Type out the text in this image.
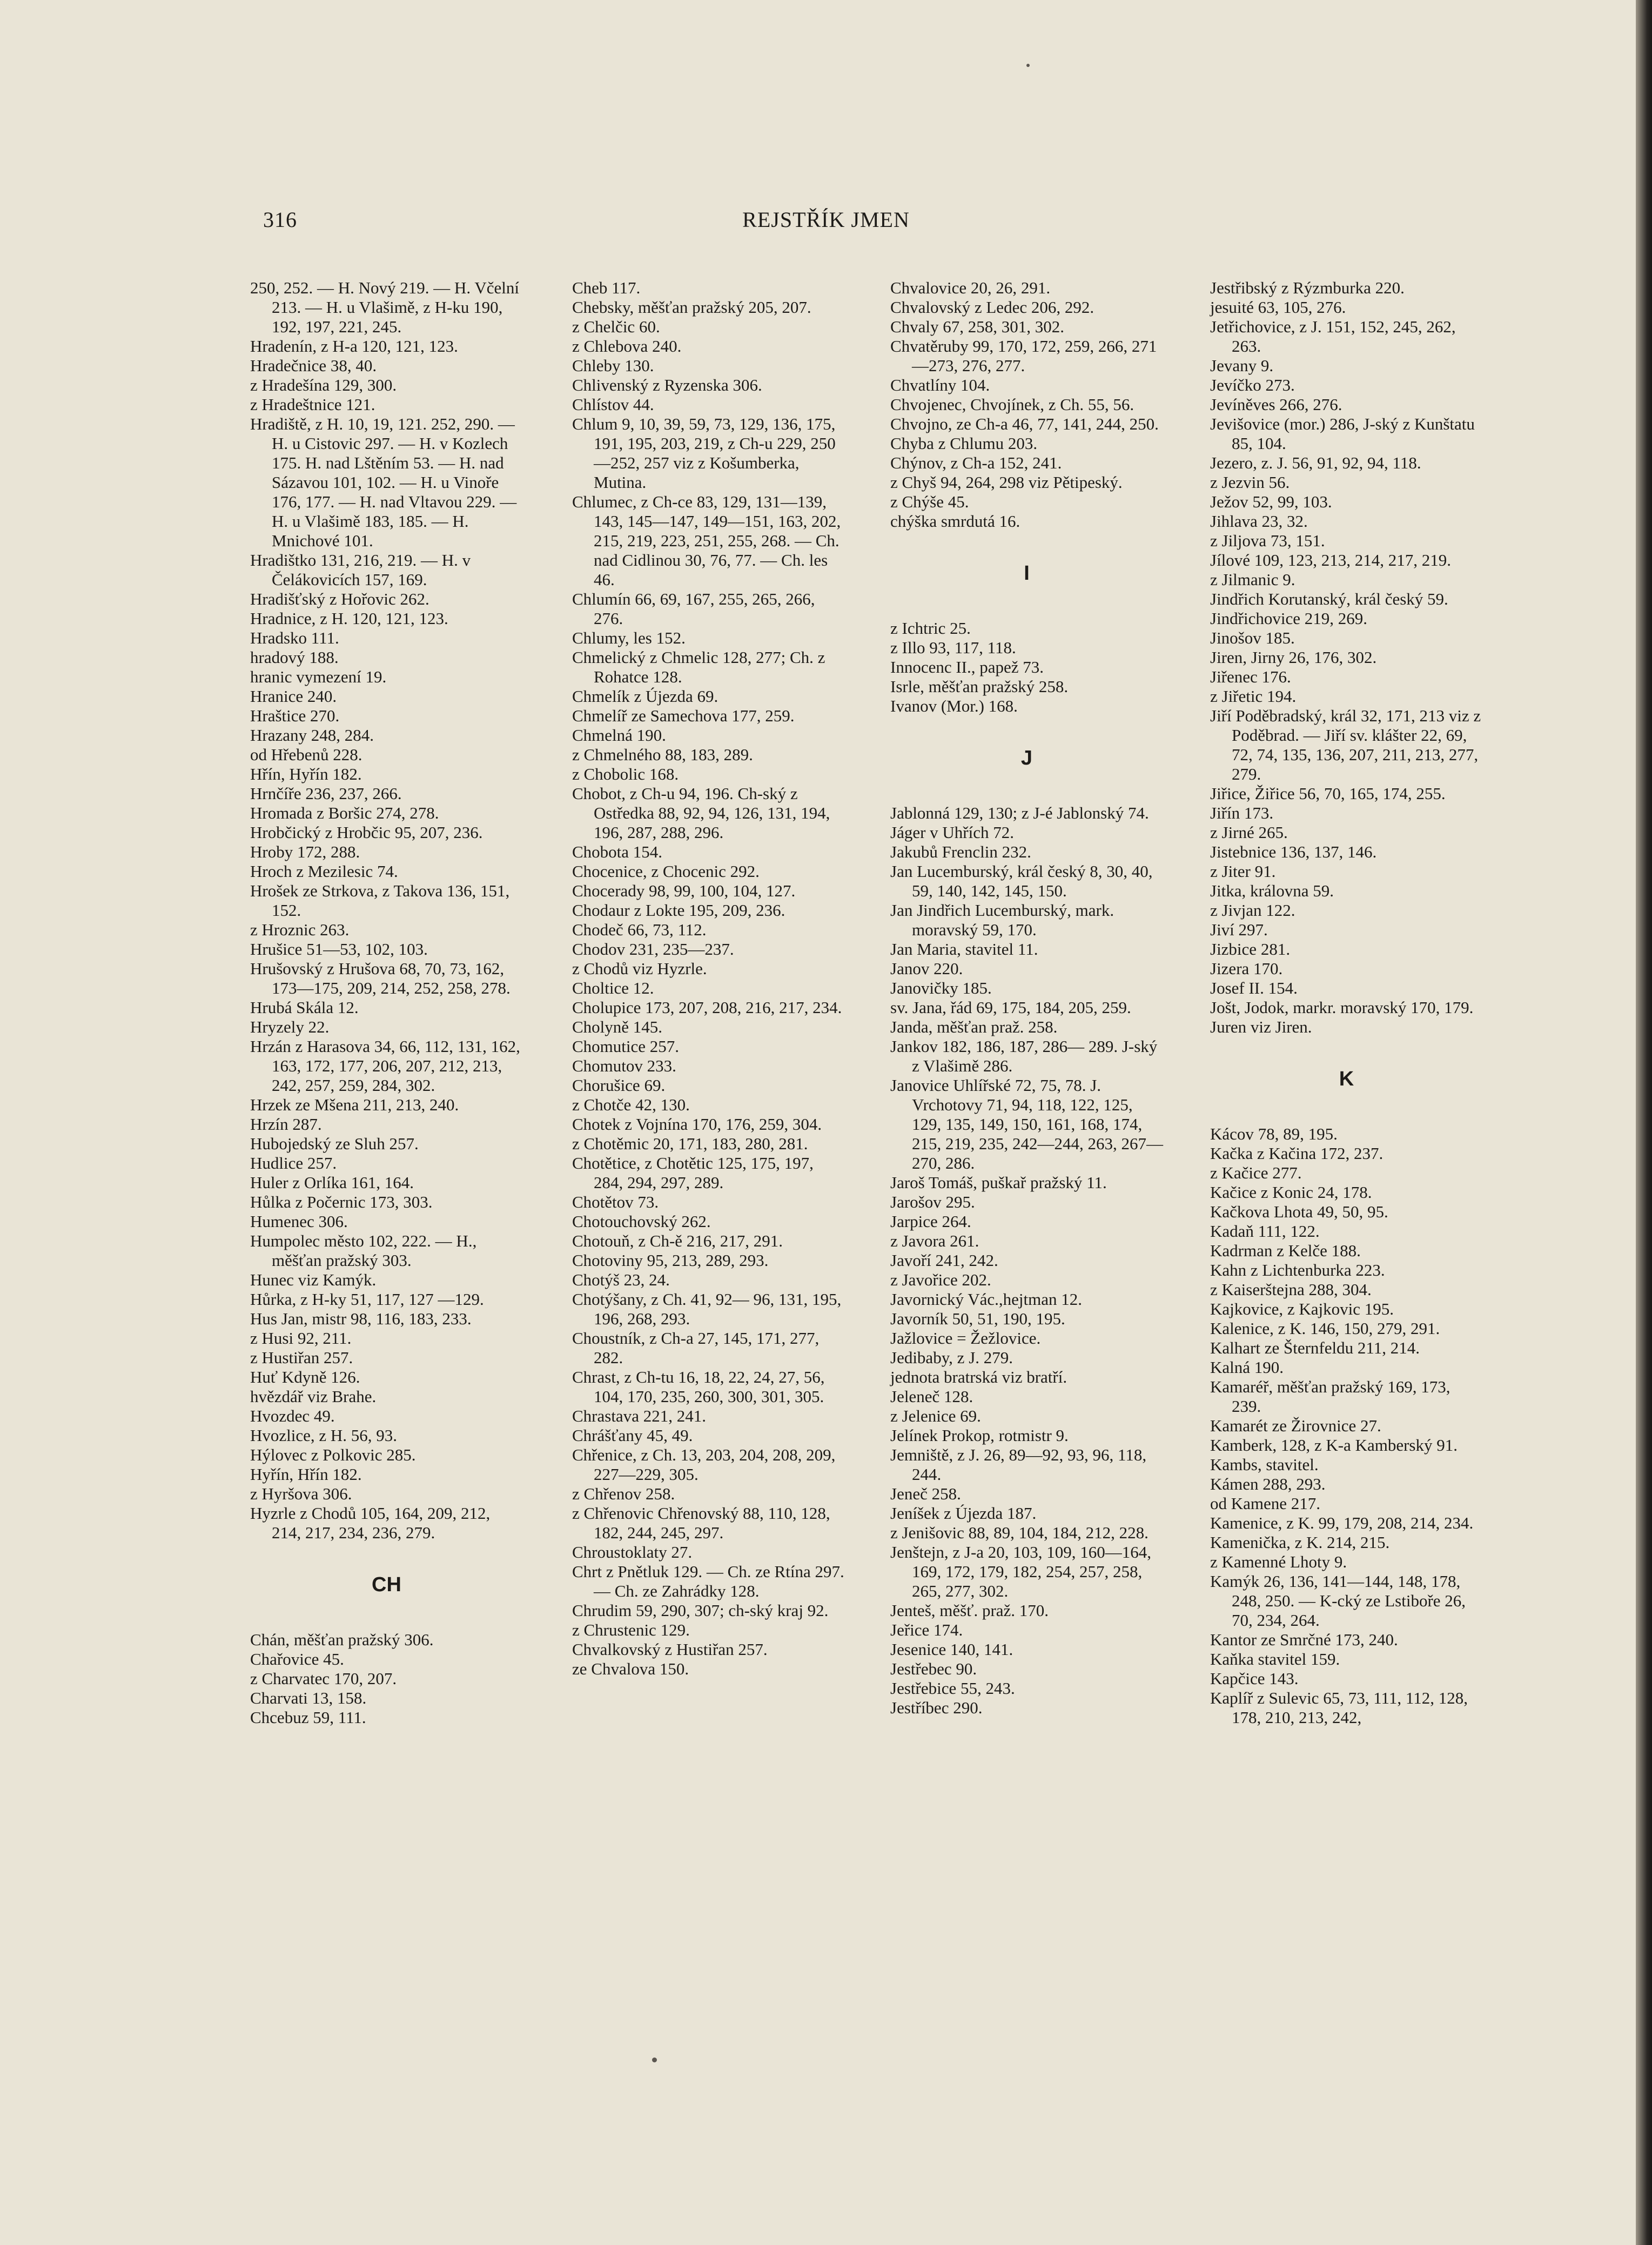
316	REJSTŘÍK JMEN
250, 252. — H. Nový 219. — H. Včelní 213. — H. u Vlašimě, z H-ku 190, 192, 197, 221, 245.
Hradenín, z H-a 120, 121, 123.
Hradečnice 38, 40.
z Hradešína 129, 300.
z Hradeštnice 121.
Hradiště, z H. 10, 19, 121. 252, 290. — H. u Cistovic 297. — H. v Kozlech 175. H. nad Lštěním 53. — H. nad Sázavou 101, 102. — H. u Vinoře 176, 177. — H. nad Vltavou 229. — H. u Vlašimě 183, 185. — H. Mnichové 101.
Hradištko 131, 216, 219. — H. v Čelákovicích 157, 169.
Hradišťský z Hořovic 262.
Hradnice, z H. 120, 121, 123.
Hradsko 111.
hradový 188.
hranic vymezení 19.
Hranice 240.
Hraštice 270.
Hrazany 248, 284.
od Hřebenů 228.
Hřín, Hyřín 182.
Hrnčíře 236, 237, 266.
Hromada z Boršic 274, 278.
Hrobčický z Hrobčic 95, 207, 236.
Hroby 172, 288.
Hroch z Mezilesic 74.
Hrošek ze Strkova, z Takova 136, 151, 152.
z Hroznic 263.
Hrušice 51—53, 102, 103.
Hrušovský z Hrušova 68, 70, 73, 162, 173—175, 209, 214, 252, 258, 278.
Hrubá Skála 12.
Hryzely 22.
Hrzán z Harasova 34, 66, 112, 131, 162, 163, 172, 177, 206, 207, 212, 213, 242, 257, 259, 284, 302.
Hrzek ze Mšena 211, 213, 240.
Hrzín 287.
Hubojedský ze Sluh 257.
Hudlice 257.
Huler z Orlíka 161, 164.
Hůlka z Počernic 173, 303.
Humenec 306.
Humpolec město 102, 222. — H., měšťan pražský 303.
Hunec viz Kamýk.
Hůrka, z H-ky 51, 117, 127 —129.
Hus Jan, mistr 98, 116, 183, 233.
z Husi 92, 211.
z Hustiřan 257.
Huť Kdyně 126.
hvězdář viz Brahe.
Hvozdec 49.
Hvozlice, z H. 56, 93.
Hýlovec z Polkovic 285.
Hyřín, Hřín 182.
z Hyršova 306.
Hyzrle z Chodů 105, 164, 209, 212, 214, 217, 234, 236, 279.
CH
Chán, měšťan pražský 306.
Chařovice 45.
z Charvatec 170, 207.
Charvati 13, 158.
Chcebuz 59, 111.
Cheb 117.
Chebsky, měšťan pražský 205, 207.
z Chelčic 60.
z Chlebova 240.
Chleby 130.
Chlivenský z Ryzenska 306.
Chlístov 44.
Chlum 9, 10, 39, 59, 73, 129, 136, 175, 191, 195, 203, 219, z Ch-u 229, 250—252, 257 viz z Košumberka, Mutina.
Chlumec, z Ch-ce 83, 129, 131—139, 143, 145—147, 149—151, 163, 202, 215, 219, 223, 251, 255, 268. — Ch. nad Cidlinou 30, 76, 77. — Ch. les 46.
Chlumín 66, 69, 167, 255, 265, 266, 276.
Chlumy, les 152.
Chmelický z Chmelic 128, 277; Ch. z Rohatce 128.
Chmelík z Újezda 69.
Chmelíř ze Samechova 177, 259.
Chmelná 190.
z Chmelného 88, 183, 289.
z Chobolic 168.
Chobot, z Ch-u 94, 196. Ch-ský z Ostředka 88, 92, 94, 126, 131, 194, 196, 287, 288, 296.
Chobota 154.
Chocenice, z Chocenic 292.
Chocerady 98, 99, 100, 104, 127.
Chodaur z Lokte 195, 209, 236.
Chodeč 66, 73, 112.
Chodov 231, 235—237.
z Chodů viz Hyzrle.
Choltice 12.
Cholupice 173, 207, 208, 216, 217, 234.
Cholyně 145.
Chomutice 257.
Chomutov 233.
Chorušice 69.
z Chotče 42, 130.
Chotek z Vojnína 170, 176, 259, 304.
z Chotěmic 20, 171, 183, 280, 281.
Chotětice, z Chotětic 125, 175, 197, 284, 294, 297, 289.
Chotětov 73.
Chotouchovský 262.
Chotouň, z Ch-ě 216, 217, 291.
Chotoviny 95, 213, 289, 293.
Chotýš 23, 24.
Chotýšany, z Ch. 41, 92— 96, 131, 195, 196, 268, 293.
Choustník, z Ch-a 27, 145, 171, 277, 282.
Chrast, z Ch-tu 16, 18, 22, 24, 27, 56, 104, 170, 235, 260, 300, 301, 305.
Chrastava 221, 241.
Chrášťany 45, 49.
Chřenice, z Ch. 13, 203, 204, 208, 209, 227—229, 305.
z Chřenov 258.
z Chřenovic Chřenovský 88, 110, 128, 182, 244, 245, 297.
Chroustoklaty 27.
Chrt z Pnětluk 129. — Ch. ze Rtína 297. — Ch. ze Zahrádky 128.
Chrudim 59, 290, 307; ch-ský kraj 92.
z Chrustenic 129.
Chvalkovský z Hustiřan 257.
ze Chvalova 150.
Chvalovice 20, 26, 291.
Chvalovský z Ledec 206, 292.
Chvaly 67, 258, 301, 302.
Chvatěruby 99, 170, 172, 259, 266, 271—273, 276, 277.
Chvatlíny 104.
Chvojenec, Chvojínek, z Ch. 55, 56.
Chvojno, ze Ch-a 46, 77, 141, 244, 250.
Chyba z Chlumu 203.
Chýnov, z Ch-a 152, 241.
z Chyš 94, 264, 298 viz Pětipeský.
z Chýše 45.
chýška smrdutá 16.
I
z Ichtric 25.
z Illo 93, 117, 118.
Innocenc II., papež 73.
Isrle, měšťan pražský 258.
Ivanov (Mor.) 168.
J
Jablonná 129, 130; z J-é Jablonský 74.
Jáger v Uhřích 72.
Jakubů Frenclin 232.
Jan Lucemburský, král český 8, 30, 40, 59, 140, 142, 145, 150.
Jan Jindřich Lucemburský, mark. moravský 59, 170.
Jan Maria, stavitel 11.
Janov 220.
Janovičky 185.
sv. Jana, řád 69, 175, 184, 205, 259.
Janda, měšťan praž. 258.
Jankov 182, 186, 187, 286— 289. J-ský z Vlašimě 286.
Janovice Uhlířské 72, 75, 78. J. Vrchotovy 71, 94, 118, 122, 125, 129, 135, 149, 150, 161, 168, 174, 215, 219, 235, 242—244, 263, 267—270, 286.
Jaroš Tomáš, puškař pražský 11.
Jarošov 295.
Jarpice 264.
z Javora 261.
Javoří 241, 242.
z Javořice 202.
Javornický Vác.,hejtman 12.
Javorník 50, 51, 190, 195.
Jažlovice = Žežlovice.
Jedibaby, z J. 279.
jednota bratrská viz bratří.
Jeleneč 128.
z Jelenice 69.
Jelínek Prokop, rotmistr 9.
Jemniště, z J. 26, 89—92, 93, 96, 118, 244.
Jeneč 258.
Jeníšek z Újezda 187.
z Jenišovic 88, 89, 104, 184, 212, 228.
Jenštejn, z J-a 20, 103, 109, 160—164, 169, 172, 179, 182, 254, 257, 258, 265, 277, 302.
Jenteš, měšť. praž. 170.
Jeřice 174.
Jesenice 140, 141.
Jestřebec 90.
Jestřebice 55, 243.
Jestříbec 290.
Jestřibský z Rýzmburka 220.
jesuité 63, 105, 276.
Jetřichovice, z J. 151, 152, 245, 262, 263.
Jevany 9.
Jevíčko 273.
Jevíněves 266, 276.
Jevišovice (mor.) 286, J-ský z Kunštatu 85, 104.
Jezero, z. J. 56, 91, 92, 94, 118.
z Jezvin 56.
Ježov 52, 99, 103.
Jihlava 23, 32.
z Jiljova 73, 151.
Jílové 109, 123, 213, 214, 217, 219.
z Jilmanic 9.
Jindřich Korutanský, král český 59.
Jindřichovice 219, 269.
Jinošov 185.
Jiren, Jirny 26, 176, 302.
Jiřenec 176.
z Jiřetic 194.
Jiří Poděbradský, král 32, 171, 213 viz z Poděbrad. — Jiří sv. klášter 22, 69, 72, 74, 135, 136, 207, 211, 213, 277, 279.
Jiřice, Žiřice 56, 70, 165, 174, 255.
Jiřín 173.
z Jirné 265.
Jistebnice 136, 137, 146.
z Jiter 91.
Jitka, královna 59.
z Jivjan 122.
Jiví 297.
Jizbice 281.
Jizera 170.
Josef II. 154.
Jošt, Jodok, markr. moravský 170, 179.
Juren viz Jiren.
K
Kácov 78, 89, 195.
Kačka z Kačina 172, 237.
z Kačice 277.
Kačice z Konic 24, 178.
Kačkova Lhota 49, 50, 95.
Kadaň 111, 122.
Kadrman z Kelče 188.
Kahn z Lichtenburka 223.
z Kaiserštejna 288, 304.
Kajkovice, z Kajkovic 195.
Kalenice, z K. 146, 150, 279, 291.
Kalhart ze Šternfeldu 211, 214.
Kalná 190.
Kamaréř, měšťan pražský 169, 173, 239.
Kamarét ze Žirovnice 27.
Kamberk, 128, z K-a Kamberský 91.
Kambs, stavitel.
Kámen 288, 293.
od Kamene 217.
Kamenice, z K. 99, 179, 208, 214, 234.
Kamenička, z K. 214, 215.
z Kamenné Lhoty 9.
Kamýk 26, 136, 141—144, 148, 178, 248, 250. — K-cký ze Lstiboře 26, 70, 234, 264.
Kantor ze Smrčné 173, 240.
Kaňka stavitel 159.
Kapčice 143.
Kaplíř z Sulevic 65, 73, 111, 112, 128, 178, 210, 213, 242,
